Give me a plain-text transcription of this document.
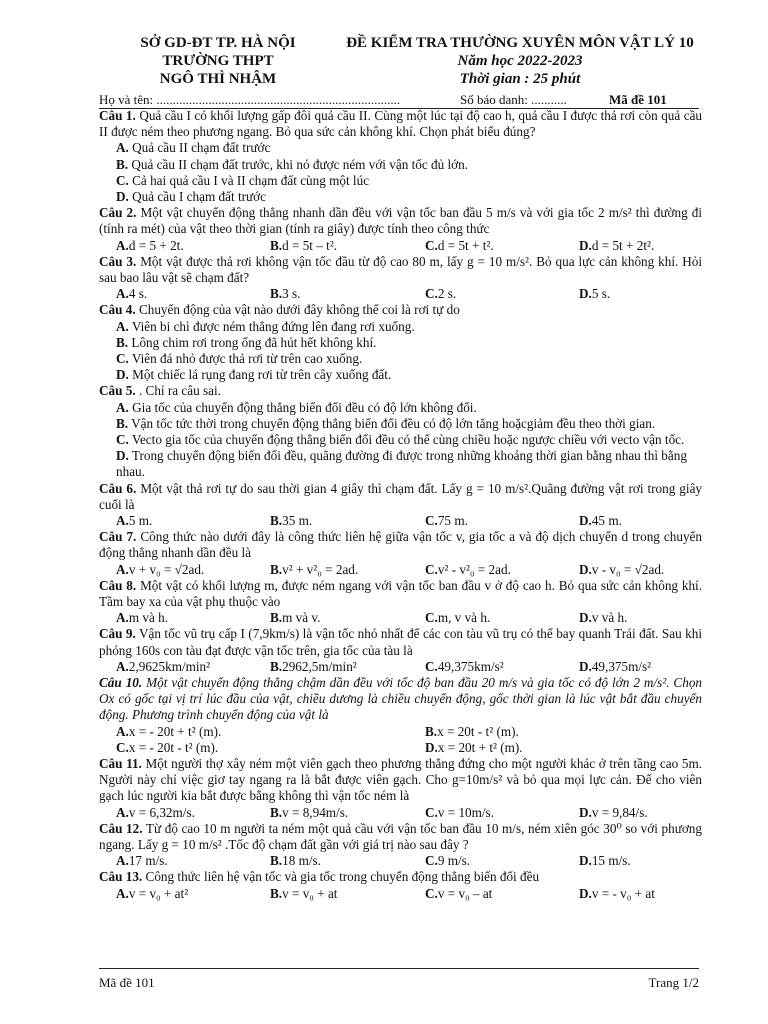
SỞ GD-ĐT TP. HÀ NỘI
TRƯỜNG THPT
NGÔ THÌ NHẬM
ĐỀ KIỂM TRA THƯỜNG XUYÊN MÔN VẬT LÝ 10
Năm học 2022-2023
Thời gian : 25 phút
Họ và tên: ...........................................................................	Số báo danh: ...........	Mã đề 101

Câu 1. Quả cầu I có khối lượng gấp đôi quả cầu II. Cùng một lúc tại độ cao h, quả cầu I được thả rơi còn quả cầu II được ném theo phương ngang. Bỏ qua sức cản không khí. Chọn phát biểu đúng?

A. Quả cầu II chạm đất trước

B. Quả cầu II chạm đất trước, khi nó được ném với vận tốc đủ lớn.

C. Cả hai quả cầu I và II chạm đất cùng một lúc

D. Quả cầu I chạm đất trước

Câu 2. Một vật chuyển động thẳng nhanh dần đều với vận tốc ban đầu 5 m/s và với gia tốc 2 m/s² thì đường đi (tính ra mét) của vật theo thời gian (tính ra giây) được tính theo công thức

A. d = 5 + 2t.	B. d = 5t – t².	C. d = 5t + t².	D. d = 5t + 2t².

Câu 3. Một vật được thả rơi không vận tốc đầu từ độ cao 80 m, lấy g = 10 m/s². Bỏ qua lực cản không khí. Hỏi sau bao lâu vật sẽ chạm đất?

A. 4 s.	B. 3 s.	C. 2 s.	D. 5 s.

Câu 4. Chuyển động của vật nào dưới đây không thể coi là rơi tự do

A. Viên bi chì được ném thẳng đứng lên đang rơi xuống.

B. Lông chim rơi trong ống đã hút hết không khí.

C. Viên đá nhỏ được thả rơi từ trên cao xuống.

D. Một chiếc lá rụng đang rơi từ trên cây xuống đất.

Câu 5. . Chỉ ra câu sai.

A. Gia tốc của chuyển động thẳng biến đổi đều có độ lớn không đổi.

B. Vận tốc tức thời trong chuyển động thẳng biến đổi đều có độ lớn tăng hoặcgiảm đều theo thời gian.

C. Vecto gia tốc của chuyển động thẳng biến đổi đều có thể cùng chiều hoặc ngược chiều với vecto vận tốc.

D. Trong chuyển động biến đổi đều, quãng đường đi được trong những khoảng thời gian bằng nhau thì bằng nhau.

Câu 6. Một vật thả rơi tự do sau thời gian 4 giây thì chạm đất. Lấy g = 10 m/s².Quãng đường vật rơi trong giây cuối là

A. 5 m.	B. 35 m.	C. 75 m.	D. 45 m.

Câu 7. Công thức nào dưới đây là công thức liên hệ giữa vận tốc v, gia tốc a và độ dịch chuyển d trong chuyển động thẳng nhanh dần đều là

A. v + v₀ = √2ad.	B. v² + v²₀ = 2ad.	C. v² - v²₀ = 2ad.	D. v - v₀ = √2ad.

Câu 8. Một vật có khối lượng m, được ném ngang với vận tốc ban đầu v ở độ cao h. Bỏ qua sức cản không khí. Tầm bay xa của vật phụ thuộc vào

A. m và h.	B. m và v.	C. m, v và h.	D. v và h.

Câu 9. Vận tốc vũ trụ cấp I (7,9km/s) là vận tốc nhỏ nhất để các con tàu vũ trụ có thể bay quanh Trái đất. Sau khi phóng 160s con tàu đạt được vận tốc trên, gia tốc của tàu là

A. 2,9625km/min²	B. 2962,5m/min²	C. 49,375km/s²	D. 49,375m/s²

Câu 10. Một vật chuyển động thẳng chậm dần đều với tốc độ ban đầu 20 m/s và gia tốc có độ lớn 2 m/s². Chọn Ox có gốc tại vị trí lúc đầu của vật, chiều dương là chiều chuyển động, gốc thời gian là lúc vật bắt đầu chuyển động. Phương trình chuyển động của vật là

A. x = - 20t + t² (m).	B. x = 20t - t² (m).
C. x = - 20t - t² (m).	D. x = 20t + t² (m).

Câu 11. Một người thợ xây ném một viên gạch theo phương thẳng đứng cho một người khác ở trên tầng cao 5m. Người này chỉ việc giơ tay ngang ra là bắt được viên gạch. Cho g=10m/s² và bỏ qua mọi lực cản. Để cho viên gạch lúc người kia bắt được bằng không thì vận tốc ném là

A. v = 6,32m/s.	B. v = 8,94m/s.	C. v = 10m/s.	D. v = 9,84/s.

Câu 12. Từ độ cao 10 m người ta ném một quả cầu với vận tốc ban đầu 10 m/s, ném xiên góc 30⁰ so với phương ngang. Lấy g = 10 m/s² .Tốc độ chạm đất gần với giá trị nào sau đây ?

A. 17 m/s.	B. 18 m/s.	C. 9 m/s.	D. 15 m/s.

Câu 13. Công thức liên hệ vận tốc và gia tốc trong chuyển động thẳng biến đổi đều

A. v = v₀ + at²	B. v = v₀ + at	C. v = v₀ – at	D. v = - v₀ + at
Mã đề 101	Trang 1/2
